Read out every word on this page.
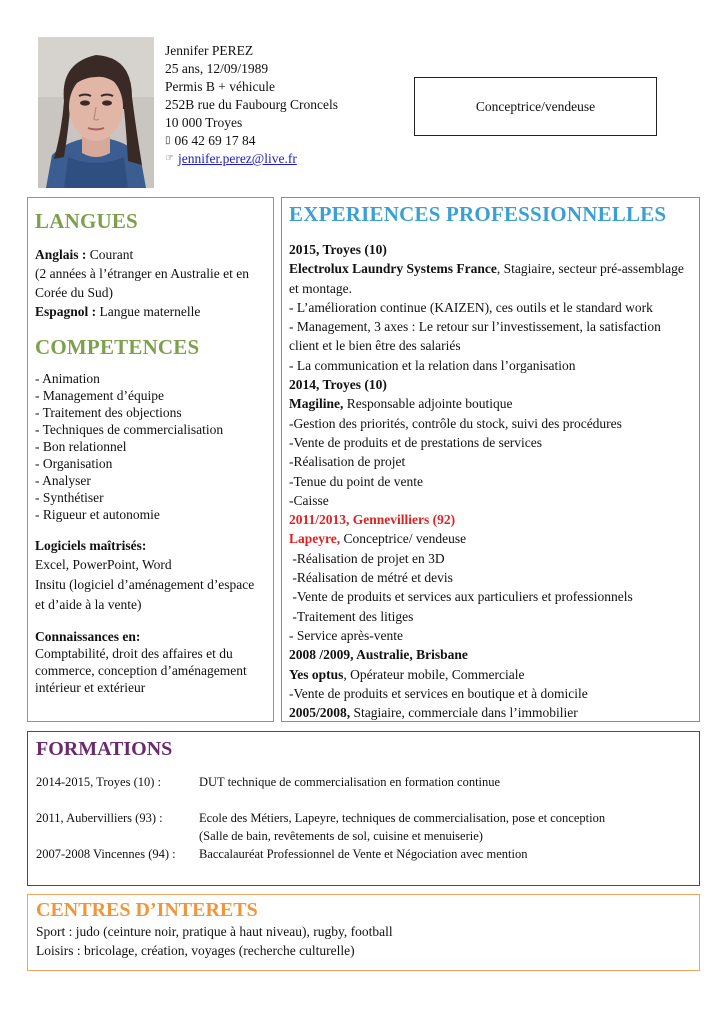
Jennifer PEREZ
25 ans, 12/09/1989
Permis B + véhicule
252B rue du Faubourg Croncels
10 000 Troyes
▯ 06 42 69 17 84
☞ jennifer.perez@live.fr
Conceptrice/vendeuse
LANGUES
Anglais : Courant
(2 années à l’étranger en Australie et en Corée du Sud)
Espagnol : Langue maternelle
COMPETENCES
- Animation
- Management d’équipe
- Traitement des objections
- Techniques de commercialisation
- Bon relationnel
- Organisation
- Analyser
- Synthétiser
- Rigueur et autonomie
Logiciels maîtrisés:
Excel, PowerPoint, Word
Insitu (logiciel d’aménagement d’espace et d’aide à la vente)
Connaissances en:
Comptabilité, droit des affaires et du commerce, conception d’aménagement intérieur et extérieur
EXPERIENCES PROFESSIONNELLES
2015, Troyes (10)
Electrolux Laundry Systems France, Stagiaire, secteur pré-assemblage et montage.
- L’amélioration continue (KAIZEN), ces outils et le standard work
- Management, 3 axes : Le retour sur l’investissement, la satisfaction client et le bien être des salariés
- La communication et la relation dans l’organisation
2014, Troyes (10)
Magiline, Responsable adjointe boutique
-Gestion des priorités, contrôle du stock, suivi des procédures
-Vente de produits et de prestations de services
-Réalisation de projet
-Tenue du point de vente
-Caisse
2011/2013, Gennevilliers (92)
Lapeyre, Conceptrice/ vendeuse
-Réalisation de projet en 3D
-Réalisation de métré et devis
-Vente de produits et services aux particuliers et professionnels
-Traitement des litiges
- Service après-vente
2008 /2009, Australie, Brisbane
Yes optus, Opérateur mobile, Commerciale
-Vente de produits et services en boutique et à domicile
2005/2008, Stagiaire, commerciale dans l’immobilier
FORMATIONS
2014-2015, Troyes (10) :	DUT technique de commercialisation en formation continue
2011, Aubervilliers (93) :	Ecole des Métiers, Lapeyre, techniques de commercialisation, pose et conception
(Salle de bain, revêtements de sol, cuisine et menuiserie)
2007-2008 Vincennes (94) :	Baccalauréat Professionnel de Vente et Négociation avec mention
CENTRES D’INTERETS
Sport : judo (ceinture noir, pratique à haut niveau), rugby, football
Loisirs : bricolage, création, voyages (recherche culturelle)
